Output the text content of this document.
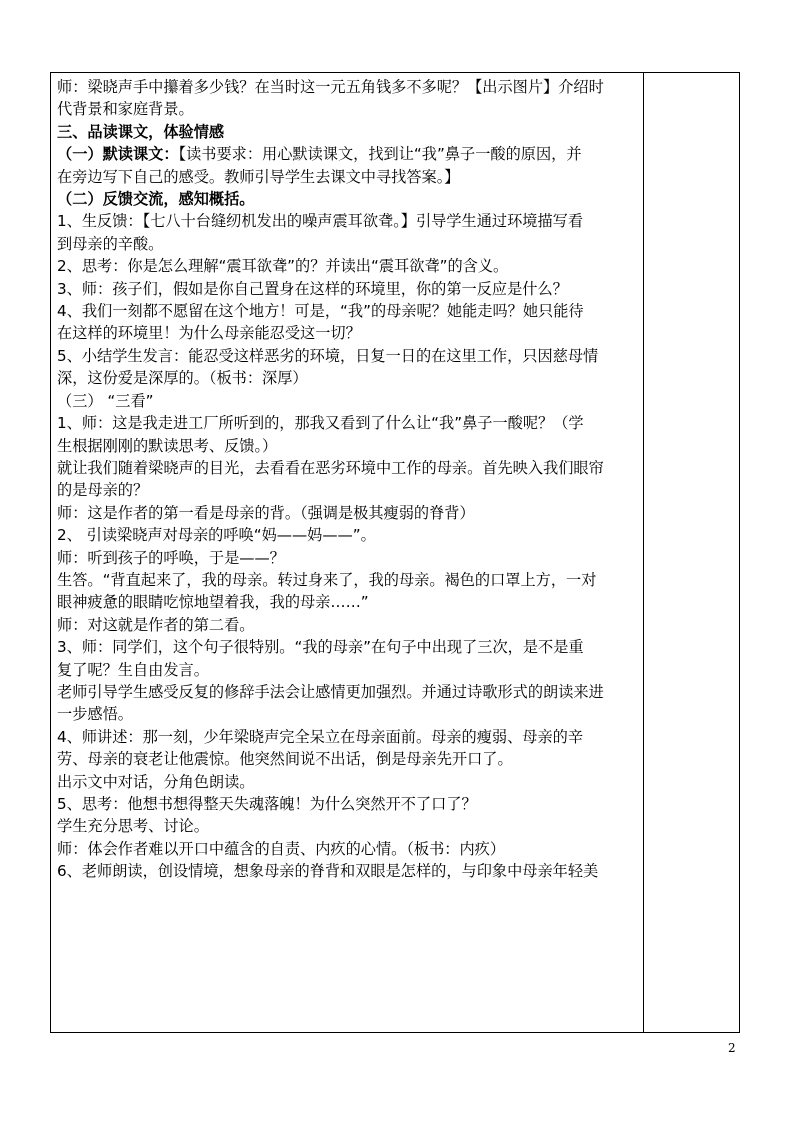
师：梁晓声手中攥着多少钱？在当时这一元五角钱多不多呢？【出示图片】介绍时
代背景和家庭背景。
三、品读课文，体验情感
（一）默读课文：【读书要求：用心默读课文，找到让“我”鼻子一酸的原因，并
在旁边写下自己的感受。教师引导学生去课文中寻找答案。】
（二）反馈交流，感知概括。
1、生反馈：【七八十台缝纫机发出的噪声震耳欲聋。】引导学生通过环境描写看
到母亲的辛酸。
2、思考：你是怎么理解“震耳欲聋”的？并读出“震耳欲聋”的含义。
3、师：孩子们，假如是你自己置身在这样的环境里，你的第一反应是什么？
4、我们一刻都不愿留在这个地方！可是，“我”的母亲呢？她能走吗？她只能待
在这样的环境里！为什么母亲能忍受这一切？
5、小结学生发言：能忍受这样恶劣的环境，日复一日的在这里工作，只因慈母情
深，这份爱是深厚的。（板书：深厚）
（三） “三看”
1、师：这是我走进工厂所听到的，那我又看到了什么让“我”鼻子一酸呢？（学
生根据刚刚的默读思考、反馈。）
就让我们随着梁晓声的目光，去看看在恶劣环境中工作的母亲。首先映入我们眼帘
的是母亲的？
师：这是作者的第一看是母亲的背。（强调是极其瘦弱的脊背）
2、 引读梁晓声对母亲的呼唤“妈——妈——”。
师：听到孩子的呼唤，于是——？
生答。“背直起来了，我的母亲。转过身来了，我的母亲。褐色的口罩上方，一对
眼神疲惫的眼睛吃惊地望着我，我的母亲……”
师：对这就是作者的第二看。
3、师：同学们，这个句子很特别。“我的母亲”在句子中出现了三次，是不是重
复了呢？生自由发言。
老师引导学生感受反复的修辞手法会让感情更加强烈。并通过诗歌形式的朗读来进
一步感悟。
4、师讲述：那一刻，少年梁晓声完全呆立在母亲面前。母亲的瘦弱、母亲的辛
劳、母亲的衰老让他震惊。他突然间说不出话，倒是母亲先开口了。
出示文中对话，分角色朗读。
5、思考：他想书想得整天失魂落魄！为什么突然开不了口了？
学生充分思考、讨论。
师：体会作者难以开口中蕴含的自责、内疚的心情。（板书：内疚）
6、老师朗读，创设情境，想象母亲的脊背和双眼是怎样的，与印象中母亲年轻美
2
